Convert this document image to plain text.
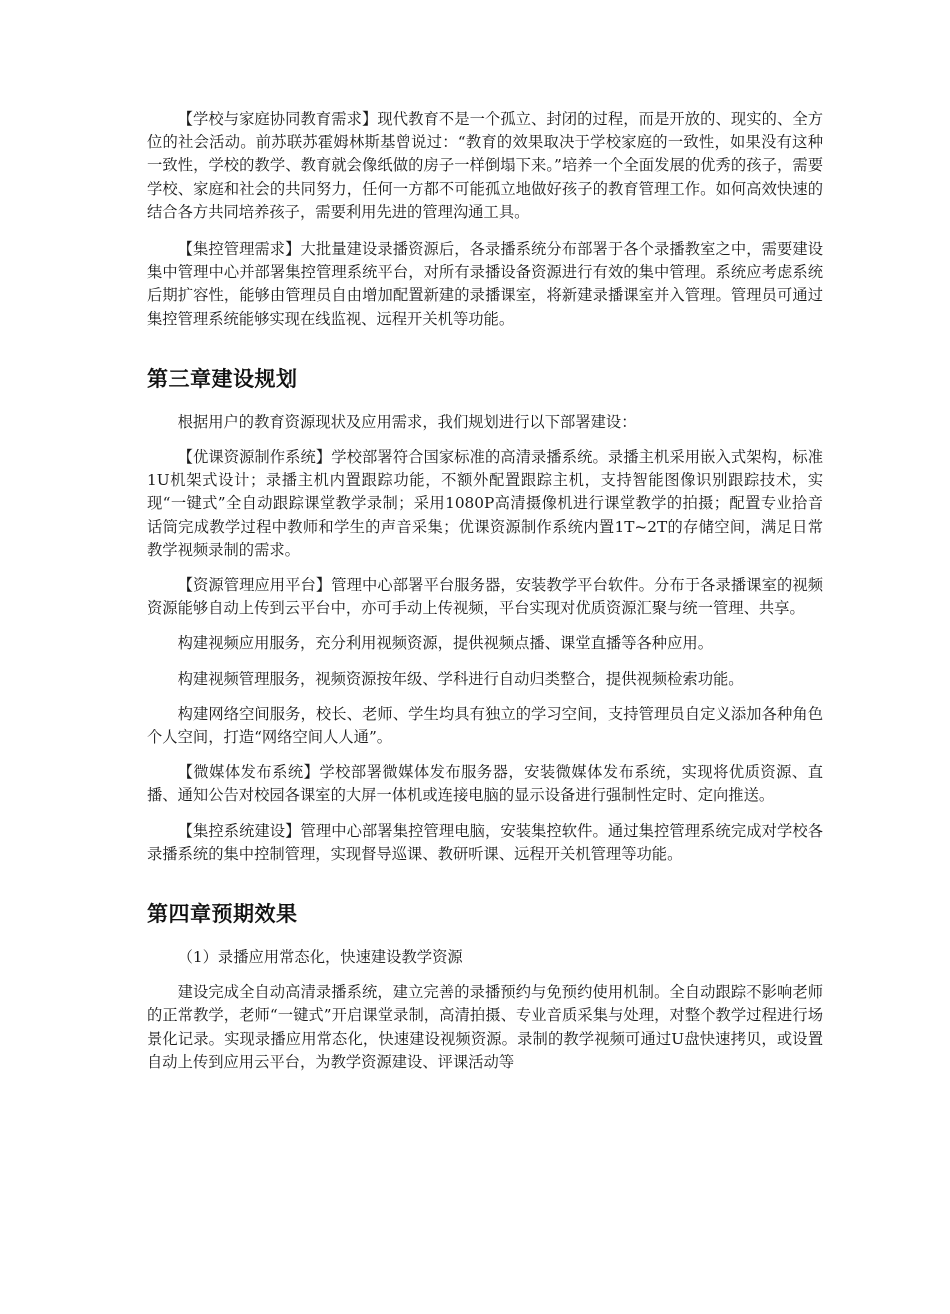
【学校与家庭协同教育需求】现代教育不是一个孤立、封闭的过程，而是开放的、现实的、全方位的社会活动。前苏联苏霍姆林斯基曾说过：“教育的效果取决于学校家庭的一致性，如果没有这种一致性，学校的教学、教育就会像纸做的房子一样倒塌下来。”培养一个全面发展的优秀的孩子，需要学校、家庭和社会的共同努力，任何一方都不可能孤立地做好孩子的教育管理工作。如何高效快速的结合各方共同培养孩子，需要利用先进的管理沟通工具。

【集控管理需求】大批量建设录播资源后，各录播系统分布部署于各个录播教室之中，需要建设集中管理中心并部署集控管理系统平台，对所有录播设备资源进行有效的集中管理。系统应考虑系统后期扩容性，能够由管理员自由增加配置新建的录播课室，将新建录播课室并入管理。管理员可通过集控管理系统能够实现在线监视、远程开关机等功能。

第三章建设规划

根据用户的教育资源现状及应用需求，我们规划进行以下部署建设：

【优课资源制作系统】学校部署符合国家标准的高清录播系统。录播主机采用嵌入式架构，标准1U机架式设计；录播主机内置跟踪功能，不额外配置跟踪主机，支持智能图像识别跟踪技术，实现“一键式”全自动跟踪课堂教学录制；采用1080P高清摄像机进行课堂教学的拍摄；配置专业拾音话筒完成教学过程中教师和学生的声音采集；优课资源制作系统内置1T~2T的存储空间，满足日常教学视频录制的需求。

【资源管理应用平台】管理中心部署平台服务器，安装教学平台软件。分布于各录播课室的视频资源能够自动上传到云平台中，亦可手动上传视频，平台实现对优质资源汇聚与统一管理、共享。

构建视频应用服务，充分利用视频资源，提供视频点播、课堂直播等各种应用。

构建视频管理服务，视频资源按年级、学科进行自动归类整合，提供视频检索功能。

构建网络空间服务，校长、老师、学生均具有独立的学习空间，支持管理员自定义添加各种角色个人空间，打造“网络空间人人通”。

【微媒体发布系统】学校部署微媒体发布服务器，安装微媒体发布系统，实现将优质资源、直播、通知公告对校园各课室的大屏一体机或连接电脑的显示设备进行强制性定时、定向推送。

【集控系统建设】管理中心部署集控管理电脑，安装集控软件。通过集控管理系统完成对学校各录播系统的集中控制管理，实现督导巡课、教研听课、远程开关机管理等功能。

第四章预期效果

（1）录播应用常态化，快速建设教学资源

建设完成全自动高清录播系统，建立完善的录播预约与免预约使用机制。全自动跟踪不影响老师的正常教学，老师“一键式”开启课堂录制，高清拍摄、专业音质采集与处理，对整个教学过程进行场景化记录。实现录播应用常态化，快速建设视频资源。录制的教学视频可通过U盘快速拷贝，或设置自动上传到应用云平台，为教学资源建设、评课活动等
